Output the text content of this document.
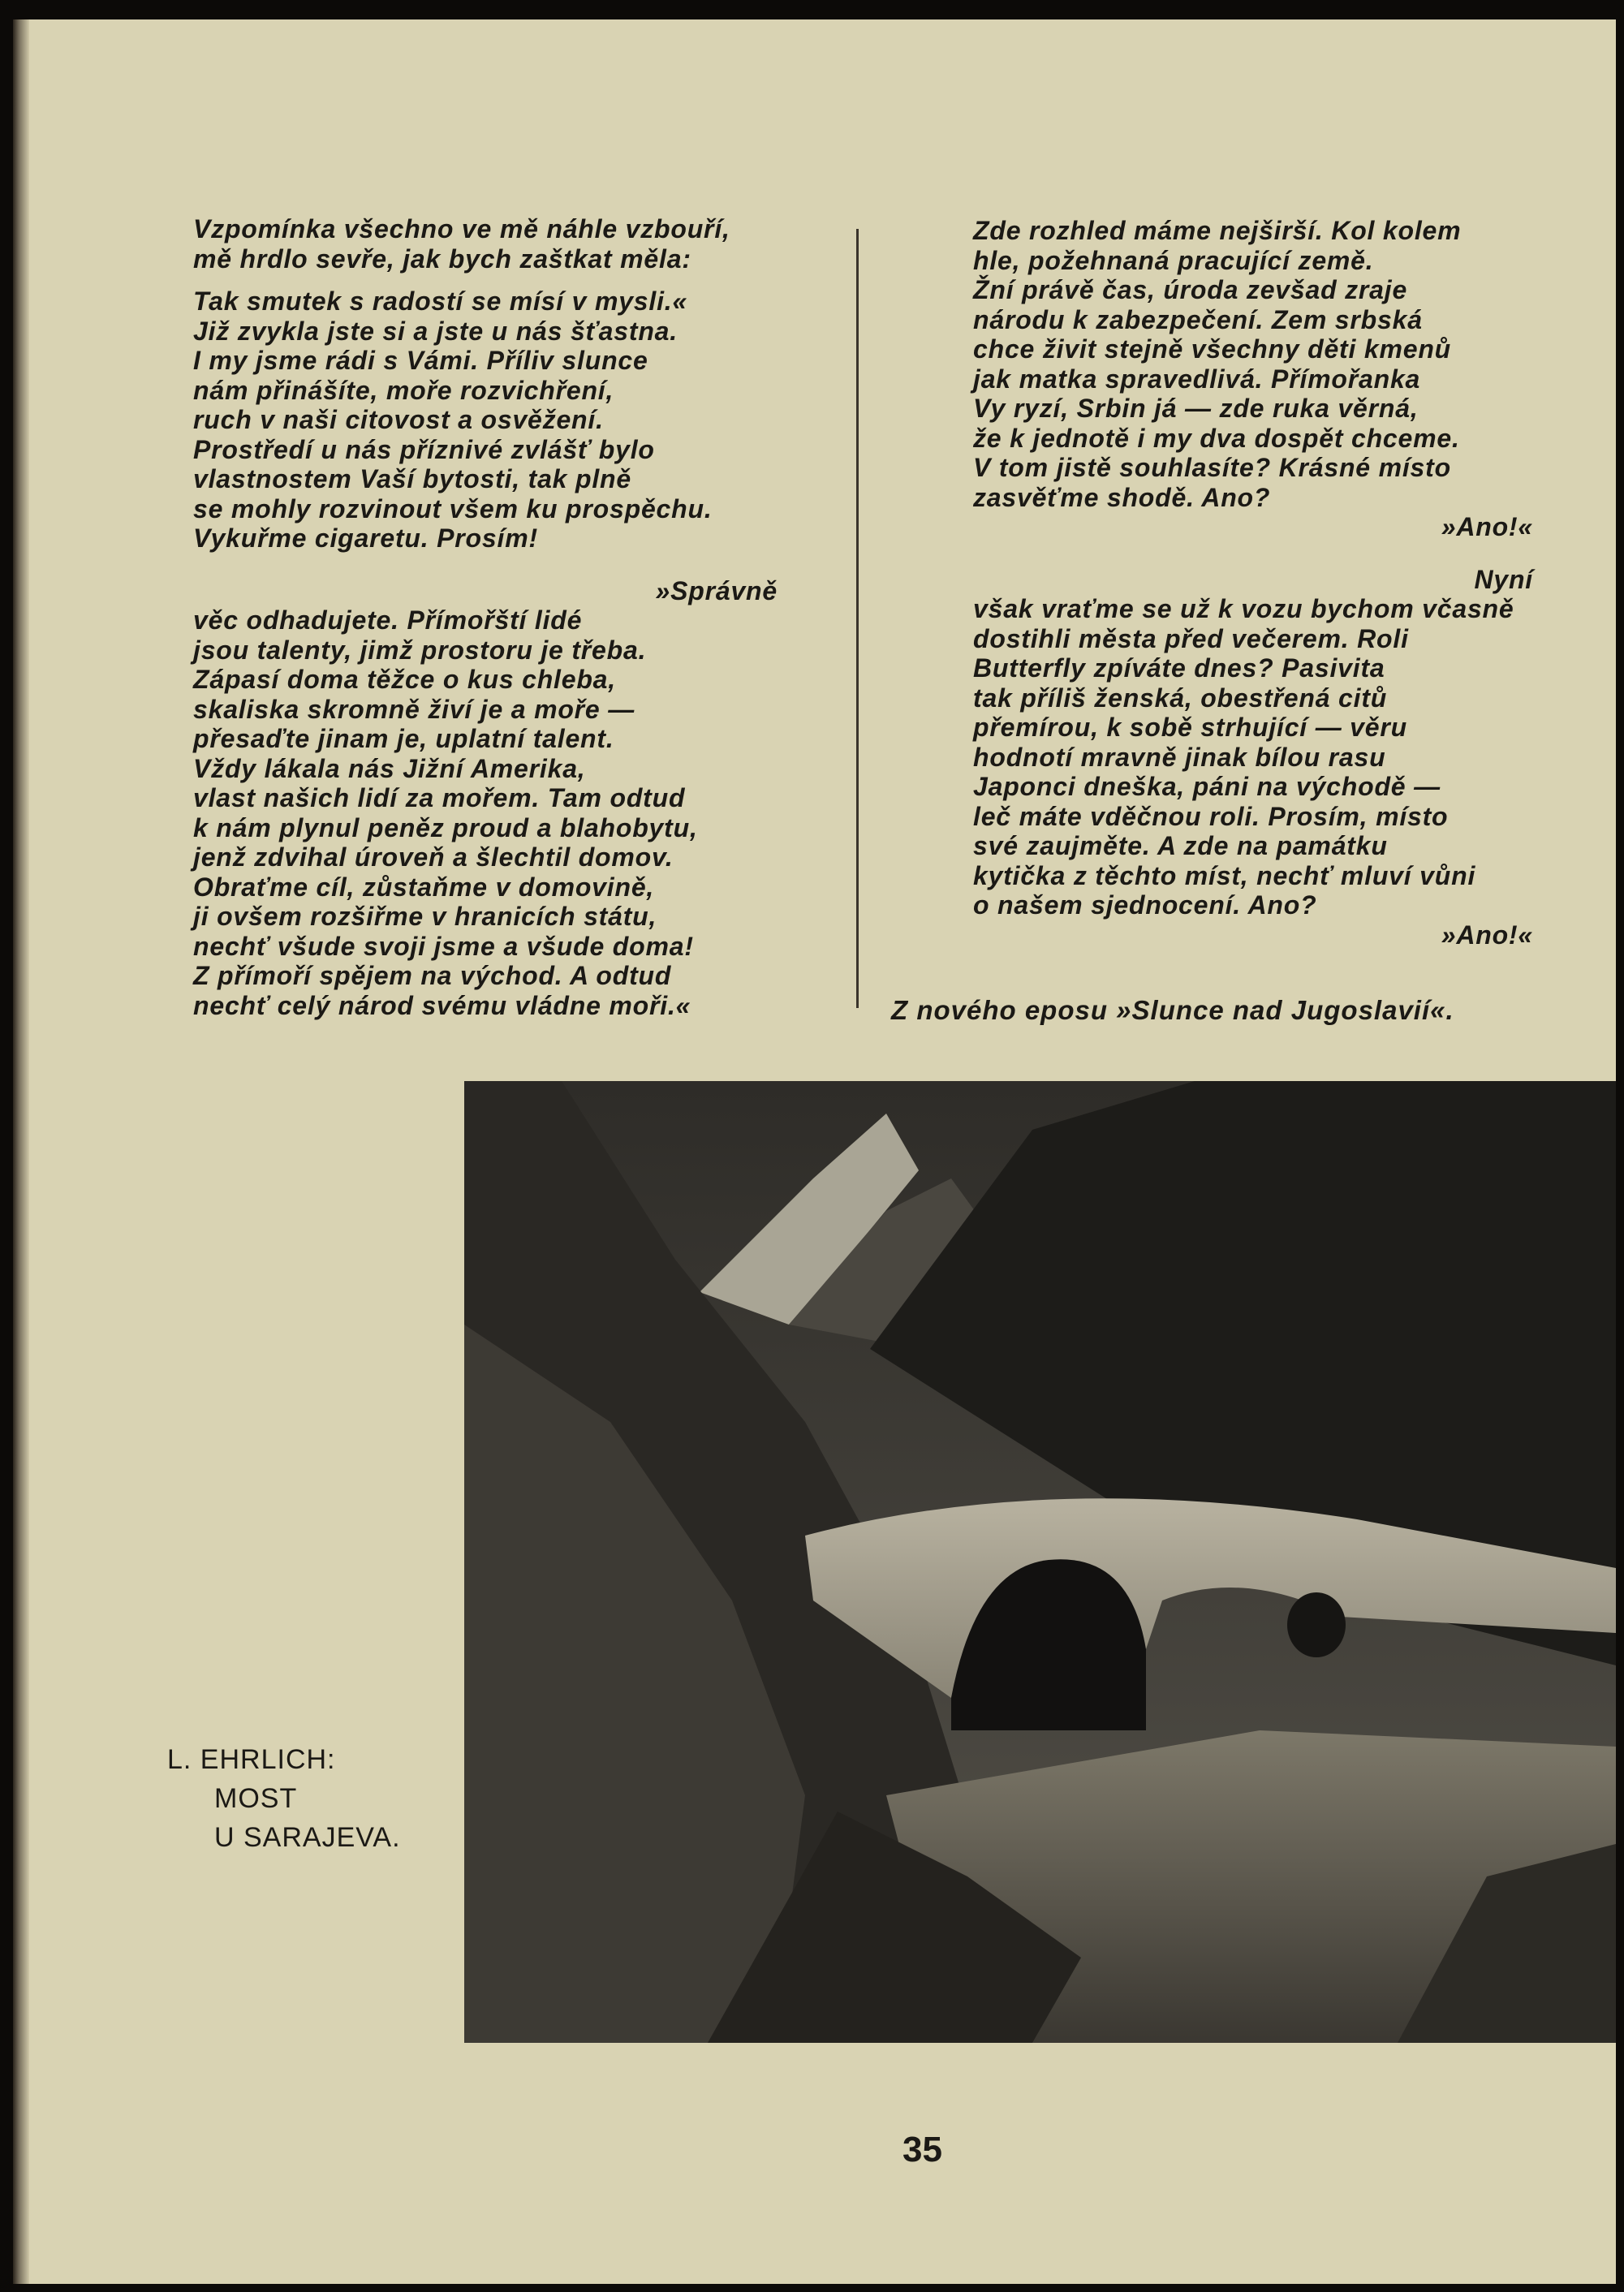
Vzpomínka všechno ve mě náhle vzbouří,
mě hrdlo sevře, jak bych zaštkat měla:
Tak smutek s radostí se mísí v mysli.«
Již zvykla jste si a jste u nás šťastna.
I my jsme rádi s Vámi. Příliv slunce
nám přinášíte, moře rozvichření,
ruch v naši citovost a osvěžení.
Prostředí u nás příznivé zvlášť bylo
vlastnostem Vaší bytosti, tak plně
se mohly rozvinout všem ku prospěchu.
Vykuřme cigaretu. Prosím!
»Správně
věc odhadujete. Přímořští lidé
jsou talenty, jimž prostoru je třeba.
Zápasí doma těžce o kus chleba,
skaliska skromně živí je a moře —
přesaďte jinam je, uplatní talent.
Vždy lákala nás Jižní Amerika,
vlast našich lidí za mořem. Tam odtud
k nám plynul peněz proud a blahobytu,
jenž zdvihal úroveň a šlechtil domov.
Obraťme cíl, zůstaňme v domovině,
ji ovšem rozšiřme v hranicích státu,
nechť všude svoji jsme a všude doma!
Z přímoří spějem na východ. A odtud
nechť celý národ svému vládne moři.«
Zde rozhled máme nejširší. Kol kolem
hle, požehnaná pracující země.
Žní právě čas, úroda zevšad zraje
národu k zabezpečení. Zem srbská
chce živit stejně všechny děti kmenů
jak matka spravedlivá. Přímořanka
Vy ryzí, Srbin já — zde ruka věrná,
že k jednotě i my dva dospět chceme.
V tom jistě souhlasíte? Krásné místo
zasvěťme shodě. Ano?
»Ano!«
Nyní
však vraťme se už k vozu bychom včasně
dostihli města před večerem. Roli
Butterfly zpíváte dnes? Pasivita
tak příliš ženská, obestřená citů
přemírou, k sobě strhující — věru
hodnotí mravně jinak bílou rasu
Japonci dneška, páni na východě —
leč máte vděčnou roli. Prosím, místo
své zaujměte. A zde na památku
kytička z těchto míst, nechť mluví vůni
o našem sjednocení. Ano?
»Ano!«
Z nového eposu »Slunce nad Jugoslavií«.
L. EHRLICH:
MOST
U SARAJEVA.
35
